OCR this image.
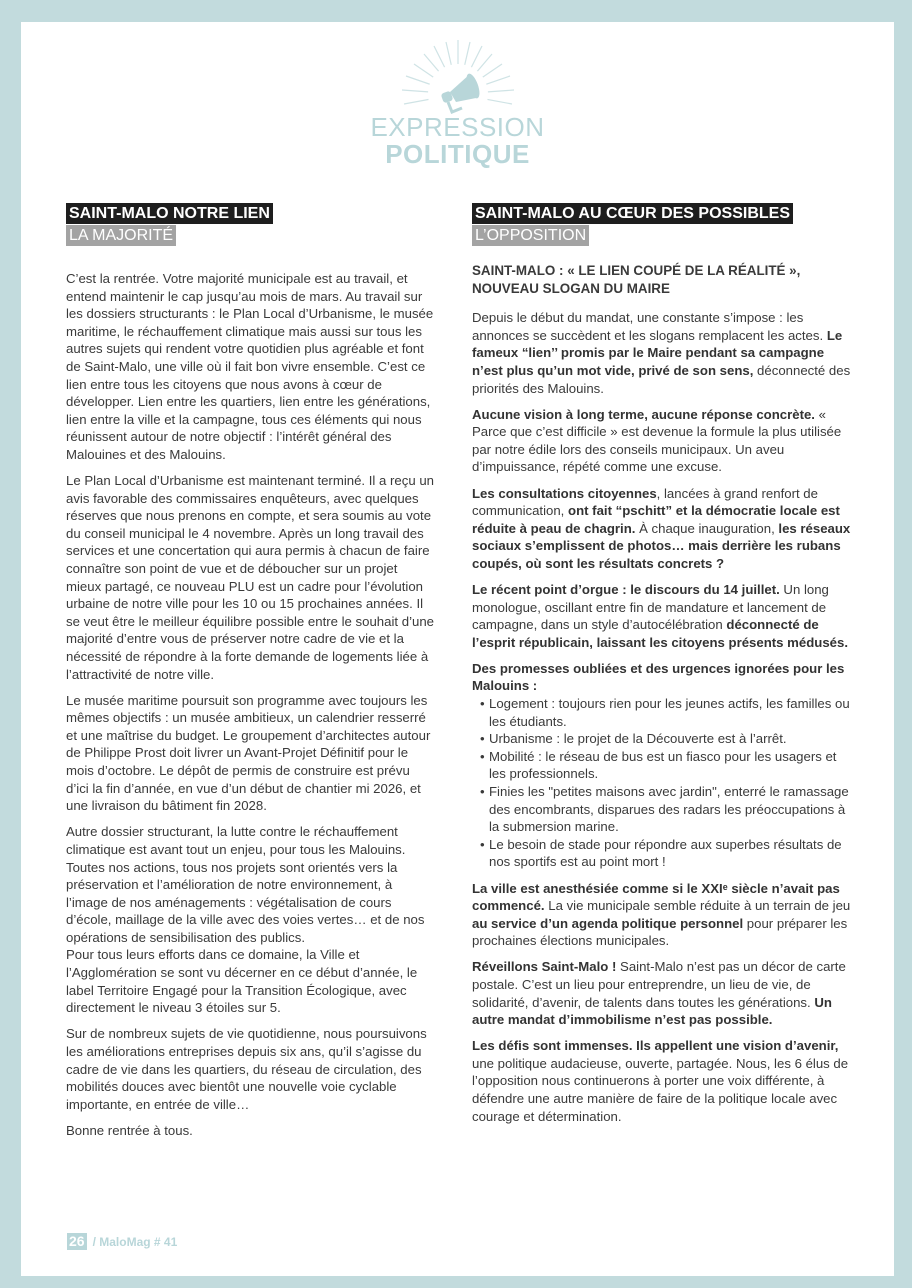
EXPRESSION
POLITIQUE
SAINT-MALO NOTRE LIEN
LA MAJORITÉ

C’est la rentrée. Votre majorité municipale est au travail, et entend maintenir le cap jusqu’au mois de mars. Au travail sur les dossiers structurants : le Plan Local d’Urbanisme, le musée maritime, le réchauffement climatique mais aussi sur tous les autres sujets qui rendent votre quotidien plus agréable et font de Saint-Malo, une ville où il fait bon vivre ensemble. C’est ce lien entre tous les citoyens que nous avons à cœur de développer. Lien entre les quartiers, lien entre les générations, lien entre la ville et la campagne, tous ces éléments qui nous réunissent autour de notre objectif : l’intérêt général des Malouines et des Malouins.

Le Plan Local d’Urbanisme est maintenant terminé. Il a reçu un avis favorable des commissaires enquêteurs, avec quelques réserves que nous prenons en compte, et sera soumis au vote du conseil municipal le 4 novembre. Après un long travail des services et une concertation qui aura permis à chacun de faire connaître son point de vue et de déboucher sur un projet mieux partagé, ce nouveau PLU est un cadre pour l’évolution urbaine de notre ville pour les 10 ou 15 prochaines années. Il se veut être le meilleur équilibre possible entre le souhait d’une majorité d’entre vous de préserver notre cadre de vie et la nécessité de répondre à la forte demande de logements liée à l’attractivité de notre ville.

Le musée maritime poursuit son programme avec toujours les mêmes objectifs : un musée ambitieux, un calendrier resserré et une maîtrise du budget. Le groupement d’architectes autour de Philippe Prost doit livrer un Avant-Projet Définitif pour le mois d’octobre. Le dépôt de permis de construire est prévu d’ici la fin d’année, en vue d’un début de chantier mi 2026, et une livraison du bâtiment fin 2028.

Autre dossier structurant, la lutte contre le réchauffement climatique est avant tout un enjeu, pour tous les Malouins. Toutes nos actions, tous nos projets sont orientés vers la préservation et l’amélioration de notre environnement, à l’image de nos aménagements : végétalisation de cours d’école, maillage de la ville avec des voies vertes… et de nos opérations de sensibilisation des publics.

Pour tous leurs efforts dans ce domaine, la Ville et l’Agglomération se sont vu décerner en ce début d’année, le label Territoire Engagé pour la Transition Écologique, avec directement le niveau 3 étoiles sur 5.

Sur de nombreux sujets de vie quotidienne, nous poursuivons les améliorations entreprises depuis six ans, qu’il s’agisse du cadre de vie dans les quartiers, du réseau de circulation, des mobilités douces avec bientôt une nouvelle voie cyclable importante, en entrée de ville…

Bonne rentrée à tous.

SAINT-MALO AU CŒUR DES POSSIBLES
L’OPPOSITION
SAINT-MALO : « LE LIEN COUPÉ DE LA RÉALITÉ », NOUVEAU SLOGAN DU MAIRE

Depuis le début du mandat, une constante s’impose : les annonces se succèdent et les slogans remplacent les actes. Le fameux “lien’’ promis par le Maire pendant sa campagne n’est plus qu’un mot vide, privé de son sens, déconnecté des priorités des Malouins.

Aucune vision à long terme, aucune réponse concrète. « Parce que c’est difficile » est devenue la formule la plus utilisée par notre édile lors des conseils municipaux. Un aveu d’impuissance, répété comme une excuse.

Les consultations citoyennes, lancées à grand renfort de communication, ont fait “pschitt” et la démocratie locale est réduite à peau de chagrin. À chaque inauguration, les réseaux sociaux s’emplissent de photos… mais derrière les rubans coupés, où sont les résultats concrets ?

Le récent point d’orgue : le discours du 14 juillet. Un long monologue, oscillant entre fin de mandature et lancement de campagne, dans un style d’autocélébration déconnecté de l’esprit républicain, laissant les citoyens présents médusés.

Des promesses oubliées et des urgences ignorées pour les Malouins :

• Logement : toujours rien pour les jeunes actifs, les familles ou les étudiants.
• Urbanisme : le projet de la Découverte est à l’arrêt.
• Mobilité : le réseau de bus est un fiasco pour les usagers et les professionnels.
• Finies les "petites maisons avec jardin", enterré le ramassage des encombrants, disparues des radars les préoccupations à la submersion marine.
• Le besoin de stade pour répondre aux superbes résultats de nos sportifs est au point mort !

La ville est anesthésiée comme si le XXIᵉ siècle n’avait pas commencé. La vie municipale semble réduite à un terrain de jeu au service d’un agenda politique personnel pour préparer les prochaines élections municipales.

Réveillons Saint-Malo ! Saint-Malo n’est pas un décor de carte postale. C’est un lieu pour entreprendre, un lieu de vie, de solidarité, d’avenir, de talents dans toutes les générations. Un autre mandat d’immobilisme n’est pas possible.

Les défis sont immenses. Ils appellent une vision d’avenir, une politique audacieuse, ouverte, partagée. Nous, les 6 élus de l’opposition nous continuerons à porter une voix différente, à défendre une autre manière de faire de la politique locale avec courage et détermination.

26 / MaloMag # 41
